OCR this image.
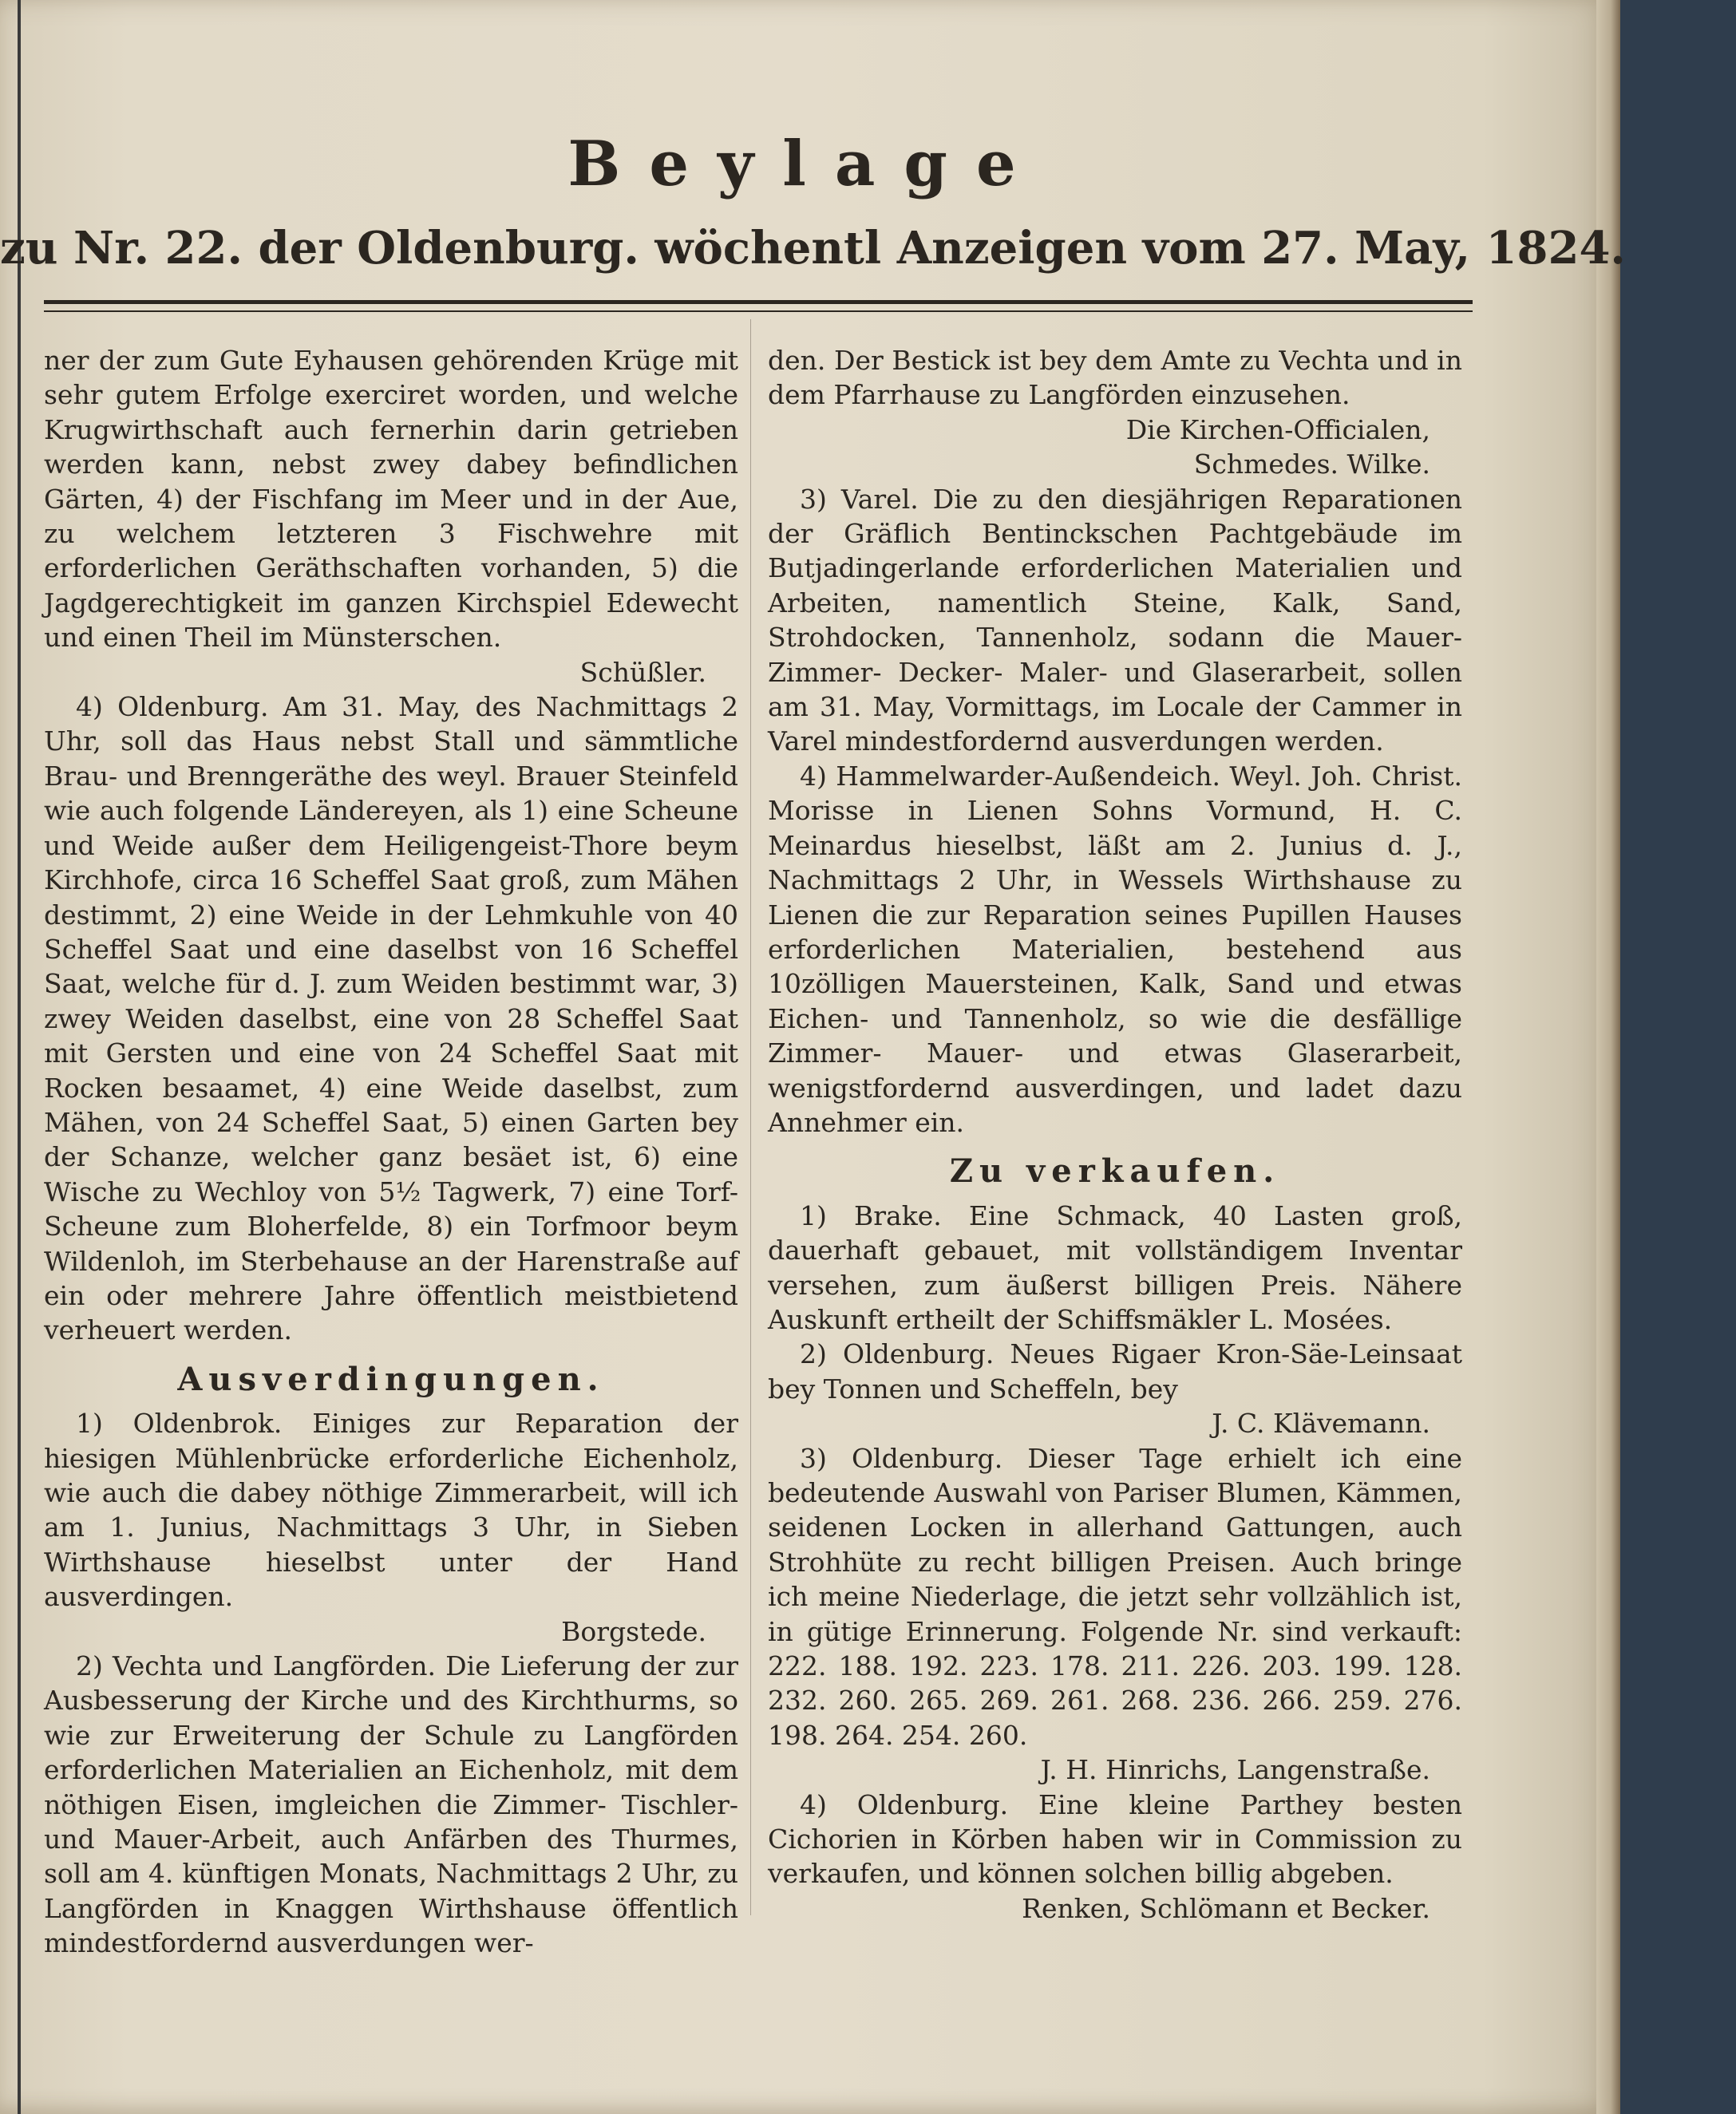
Beylage
zu Nr. 22. der Oldenburg. wöchentl Anzeigen vom 27. May, 1824.

ner der zum Gute Eyhausen gehörenden Krüge mit sehr gutem Erfolge exerciret worden, und welche Krugwirthschaft auch fernerhin darin getrieben werden kann, nebst zwey dabey befindlichen Gärten, 4) der Fischfang im Meer und in der Aue, zu welchem letzteren 3 Fischwehre mit erforderlichen Geräthschaften vorhanden, 5) die Jagdgerechtigkeit im ganzen Kirchspiel Edewecht und einen Theil im Münsterschen.

Schüßler.

4) Oldenburg. Am 31. May, des Nachmittags 2 Uhr, soll das Haus nebst Stall und sämmtliche Brau- und Brenngeräthe des weyl. Brauer Steinfeld wie auch folgende Ländereyen, als 1) eine Scheune und Weide außer dem Heiligengeist-Thore beym Kirchhofe, circa 16 Scheffel Saat groß, zum Mähen destimmt, 2) eine Weide in der Lehmkuhle von 40 Scheffel Saat und eine daselbst von 16 Scheffel Saat, welche für d. J. zum Weiden bestimmt war, 3) zwey Weiden daselbst, eine von 28 Scheffel Saat mit Gersten und eine von 24 Scheffel Saat mit Rocken besaamet, 4) eine Weide daselbst, zum Mähen, von 24 Scheffel Saat, 5) einen Garten bey der Schanze, welcher ganz besäet ist, 6) eine Wische zu Wechloy von 5½ Tagwerk, 7) eine Torf-Scheune zum Bloherfelde, 8) ein Torfmoor beym Wildenloh, im Sterbehause an der Harenstraße auf ein oder mehrere Jahre öffentlich meistbietend verheuert werden.

Ausverdingungen.

1) Oldenbrok. Einiges zur Reparation der hiesigen Mühlenbrücke erforderliche Eichenholz, wie auch die dabey nöthige Zimmerarbeit, will ich am 1. Junius, Nachmittags 3 Uhr, in Sieben Wirthshause hieselbst unter der Hand ausverdingen.

Borgstede.

2) Vechta und Langförden. Die Lieferung der zur Ausbesserung der Kirche und des Kirchthurms, so wie zur Erweiterung der Schule zu Langförden erforderlichen Materialien an Eichenholz, mit dem nöthigen Eisen, imgleichen die Zimmer- Tischler- und Mauer-Arbeit, auch Anfärben des Thurmes, soll am 4. künftigen Monats, Nachmittags 2 Uhr, zu Langförden in Knaggen Wirthshause öffentlich mindestfordernd ausverdungen wer-

den. Der Bestick ist bey dem Amte zu Vechta und in dem Pfarrhause zu Langförden einzusehen.

Die Kirchen-Officialen,

Schmedes. Wilke.

3) Varel. Die zu den diesjährigen Reparationen der Gräflich Bentinckschen Pachtgebäude im Butjadingerlande erforderlichen Materialien und Arbeiten, namentlich Steine, Kalk, Sand, Strohdocken, Tannenholz, sodann die Mauer- Zimmer- Decker- Maler- und Glaserarbeit, sollen am 31. May, Vormittags, im Locale der Cammer in Varel mindestfordernd ausverdungen werden.

4) Hammelwarder-Außendeich. Weyl. Joh. Christ. Morisse in Lienen Sohns Vormund, H. C. Meinardus hieselbst, läßt am 2. Junius d. J., Nachmittags 2 Uhr, in Wessels Wirthshause zu Lienen die zur Reparation seines Pupillen Hauses erforderlichen Materialien, bestehend aus 10zölligen Mauersteinen, Kalk, Sand und etwas Eichen- und Tannenholz, so wie die desfällige Zimmer- Mauer- und etwas Glaserarbeit, wenigstfordernd ausverdingen, und ladet dazu Annehmer ein.

Zu verkaufen.

1) Brake. Eine Schmack, 40 Lasten groß, dauerhaft gebauet, mit vollständigem Inventar versehen, zum äußerst billigen Preis. Nähere Auskunft ertheilt der Schiffsmäkler L. Mosées.

2) Oldenburg. Neues Rigaer Kron-Säe-Leinsaat bey Tonnen und Scheffeln, bey

J. C. Klävemann.

3) Oldenburg. Dieser Tage erhielt ich eine bedeutende Auswahl von Pariser Blumen, Kämmen, seidenen Locken in allerhand Gattungen, auch Strohhüte zu recht billigen Preisen. Auch bringe ich meine Niederlage, die jetzt sehr vollzählich ist, in gütige Erinnerung. Folgende Nr. sind verkauft: 222. 188. 192. 223. 178. 211. 226. 203. 199. 128. 232. 260. 265. 269. 261. 268. 236. 266. 259. 276. 198. 264. 254. 260.

J. H. Hinrichs, Langenstraße.

4) Oldenburg. Eine kleine Parthey besten Cichorien in Körben haben wir in Commission zu verkaufen, und können solchen billig abgeben.

Renken, Schlömann et Becker.
